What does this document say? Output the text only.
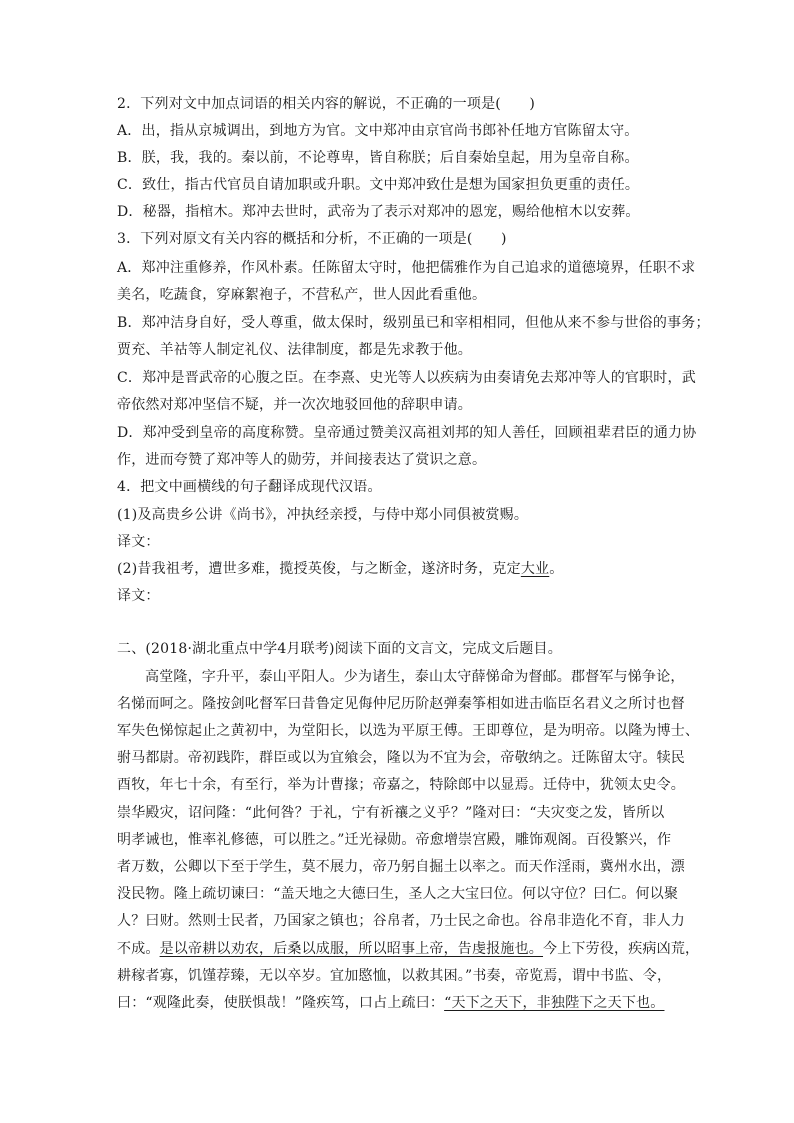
2．下列对文中加点词语的相关内容的解说，不正确的一项是(　　)
A．出，指从京城调出，到地方为官。文中郑冲由京官尚书郎补任地方官陈留太守。
B．朕，我，我的。秦以前，不论尊卑，皆自称朕；后自秦始皇起，用为皇帝自称。
C．致仕，指古代官员自请加职或升职。文中郑冲致仕是想为国家担负更重的责任。
D．秘器，指棺木。郑冲去世时，武帝为了表示对郑冲的恩宠，赐给他棺木以安葬。
3．下列对原文有关内容的概括和分析，不正确的一项是(　　)
A．郑冲注重修养，作风朴素。任陈留太守时，他把儒雅作为自己追求的道德境界，任职不求
美名，吃蔬食，穿麻絮袍子，不营私产，世人因此看重他。
B．郑冲洁身自好，受人尊重，做太保时，级别虽已和宰相相同，但他从来不参与世俗的事务；
贾充、羊祜等人制定礼仪、法律制度，都是先求教于他。
C．郑冲是晋武帝的心腹之臣。在李熹、史光等人以疾病为由奏请免去郑冲等人的官职时，武
帝依然对郑冲坚信不疑，并一次次地驳回他的辞职申请。
D．郑冲受到皇帝的高度称赞。皇帝通过赞美汉高祖刘邦的知人善任，回顾祖辈君臣的通力协
作，进而夸赞了郑冲等人的勋劳，并间接表达了赏识之意。
4．把文中画横线的句子翻译成现代汉语。
(1)及高贵乡公讲《尚书》，冲执经亲授，与侍中郑小同俱被赏赐。
译文：
(2)昔我祖考，遭世多难，揽授英俊，与之断金，遂济时务，克定大业。
译文：
二、(2018·湖北重点中学4月联考)阅读下面的文言文，完成文后题目。
高堂隆，字升平，泰山平阳人。少为诸生，泰山太守薛悌命为督邮。郡督军与悌争论，
名悌而呵之。隆按剑叱督军曰昔鲁定见侮仲尼历阶赵弹秦筝相如进击临臣名君义之所讨也督
军失色悌惊起止之黄初中，为堂阳长，以选为平原王傅。王即尊位，是为明帝。以隆为博士、
驸马都尉。帝初践阼，群臣或以为宜飨会，隆以为不宜为会，帝敬纳之。迁陈留太守。犊民
酉牧，年七十余，有至行，举为计曹掾；帝嘉之，特除郎中以显焉。迁侍中，犹领太史令。
崇华殿灾，诏问隆：“此何咎？于礼，宁有祈禳之义乎？”隆对曰：“夫灾变之发，皆所以
明孝诫也，惟率礼修德，可以胜之。”迁光禄勋。帝愈增崇宫殿，雕饰观阁。百役繁兴，作
者万数，公卿以下至于学生，莫不展力，帝乃躬自掘土以率之。而天作淫雨，冀州水出，漂
没民物。隆上疏切谏曰：“盖天地之大德曰生，圣人之大宝曰位。何以守位？曰仁。何以聚
人？曰财。然则士民者，乃国家之镇也；谷帛者，乃士民之命也。谷帛非造化不育，非人力
不成。是以帝耕以劝农，后桑以成服，所以昭事上帝，告虔报施也。今上下劳役，疾病凶荒，
耕稼者寡，饥馑荐臻，无以卒岁。宜加愍恤，以救其困。”书奏，帝览焉，谓中书监、令，
曰：“观隆此奏，使朕惧哉！”隆疾笃，口占上疏曰：“天下之天下，非独陛下之天下也。
